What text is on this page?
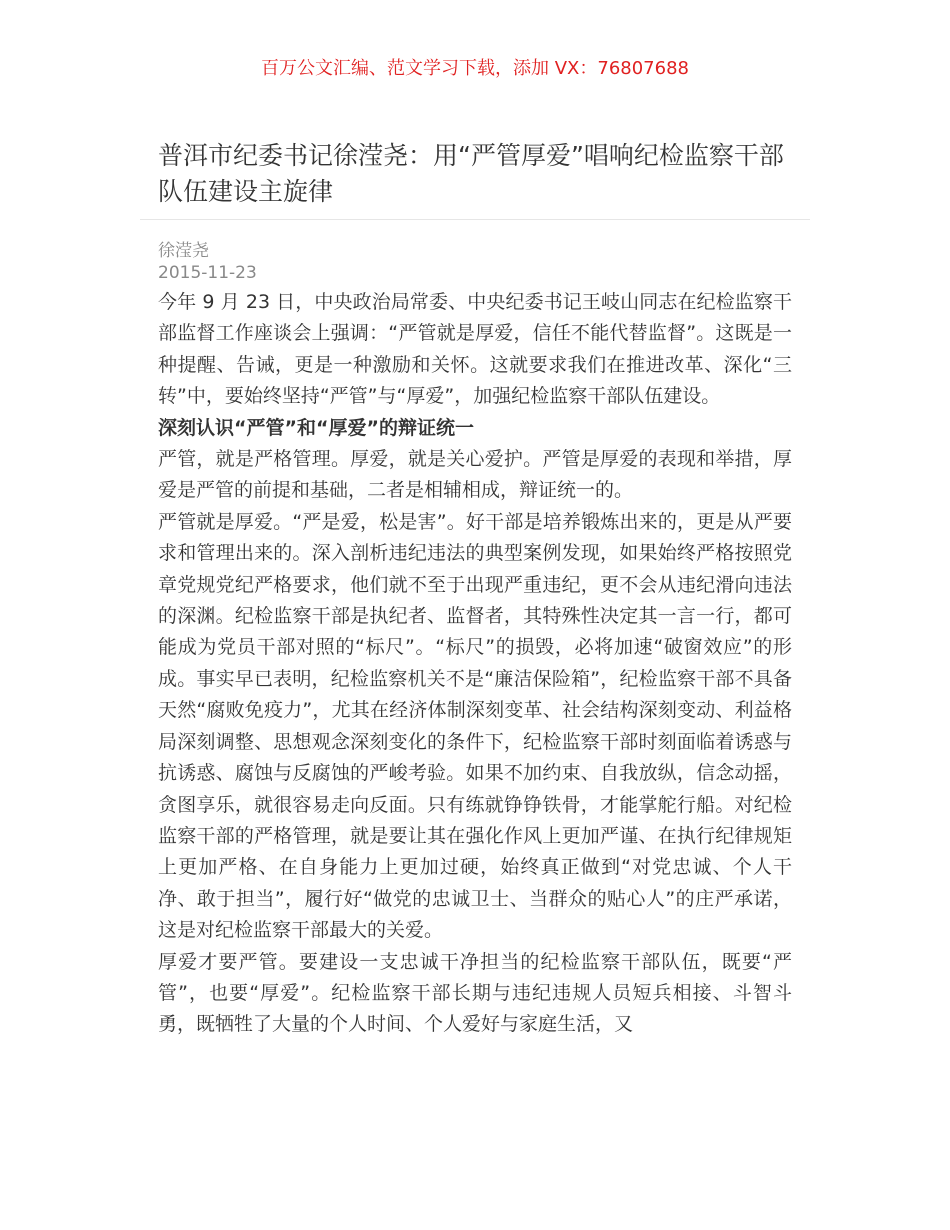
百万公文汇编、范文学习下载，添加 VX：76807688
普洱市纪委书记徐滢尧：用“严管厚爱”唱响纪检监察干部队伍建设主旋律
徐滢尧
2015-11-23

今年 9 月 23 日，中央政治局常委、中央纪委书记王岐山同志在纪检监察干部监督工作座谈会上强调：“严管就是厚爱，信任不能代替监督”。这既是一种提醒、告诫，更是一种激励和关怀。这就要求我们在推进改革、深化“三转”中，要始终坚持“严管”与“厚爱”，加强纪检监察干部队伍建设。

深刻认识“严管”和“厚爱”的辩证统一

严管，就是严格管理。厚爱，就是关心爱护。严管是厚爱的表现和举措，厚爱是严管的前提和基础，二者是相辅相成，辩证统一的。

严管就是厚爱。“严是爱，松是害”。好干部是培养锻炼出来的，更是从严要求和管理出来的。深入剖析违纪违法的典型案例发现，如果始终严格按照党章党规党纪严格要求，他们就不至于出现严重违纪，更不会从违纪滑向违法的深渊。纪检监察干部是执纪者、监督者，其特殊性决定其一言一行，都可能成为党员干部对照的“标尺”。“标尺”的损毁，必将加速“破窗效应”的形成。事实早已表明，纪检监察机关不是“廉洁保险箱”，纪检监察干部不具备天然“腐败免疫力”，尤其在经济体制深刻变革、社会结构深刻变动、利益格局深刻调整、思想观念深刻变化的条件下，纪检监察干部时刻面临着诱惑与抗诱惑、腐蚀与反腐蚀的严峻考验。如果不加约束、自我放纵，信念动摇，贪图享乐，就很容易走向反面。只有练就铮铮铁骨，才能掌舵行船。对纪检监察干部的严格管理，就是要让其在强化作风上更加严谨、在执行纪律规矩上更加严格、在自身能力上更加过硬，始终真正做到“对党忠诚、个人干净、敢于担当”，履行好“做党的忠诚卫士、当群众的贴心人”的庄严承诺，这是对纪检监察干部最大的关爱。

厚爱才要严管。要建设一支忠诚干净担当的纪检监察干部队伍，既要“严管”，也要“厚爱”。纪检监察干部长期与违纪违规人员短兵相接、斗智斗勇，既牺牲了大量的个人时间、个人爱好与家庭生活，又
